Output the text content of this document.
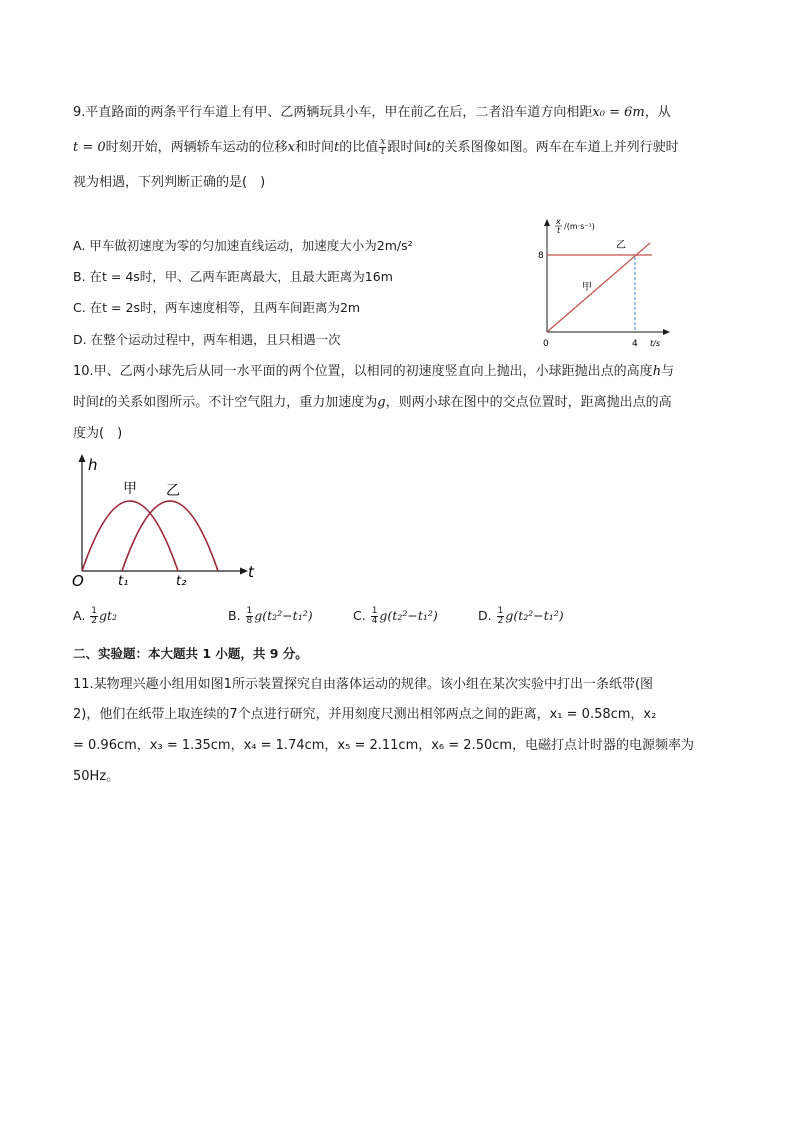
9.平直路面的两条平行车道上有甲、乙两辆玩具小车，甲在前乙在后，二者沿车道方向相距x₀ = 6m，从
t = 0时刻开始，两辆轿车运动的位移x和时间t的比值 $\frac{x}{t}$ 跟时间t的关系图像如图。两车在车道上并列行驶时
视为相遇，下列判断正确的是(　)
A. 甲车做初速度为零的匀加速直线运动，加速度大小为2m/s²
B. 在t = 4s时，甲、乙两车距离最大，且最大距离为16m
C. 在t = 2s时，两车速度相等，且两车间距离为2m
D. 在整个运动过程中，两车相遇，且只相遇一次
x
t /(m·s⁻¹)
8
4
0	t/s
乙
甲
10.甲、乙两小球先后从同一水平面的两个位置，以相同的初速度竖直向上抛出，小球距抛出点的高度h与
时间t的关系如图所示。不计空气阻力，重力加速度为g，则两小球在图中的交点位置时，距离抛出点的高
度为(　)
h
t
O	t₁	t₂
甲 乙
A. $\frac{1}{2} gt_2$	B. $\frac{1}{8} g(t_2^2-t_1^2)$	C. $\frac{1}{4} g(t_2^2-t_1^2)$	D. $\frac{1}{2} g(t_2^2-t_1^2)$
二、实验题：本大题共 1 小题，共 9 分。
11.某物理兴趣小组用如图1所示装置探究自由落体运动的规律。该小组在某次实验中打出一条纸带(图
2)，他们在纸带上取连续的7个点进行研究，并用刻度尺测出相邻两点之间的距离，x₁ = 0.58cm，x₂
= 0.96cm，x₃ = 1.35cm，x₄ = 1.74cm，x₅ = 2.11cm，x₆ = 2.50cm，电磁打点计时器的电源频率为
50Hz。
